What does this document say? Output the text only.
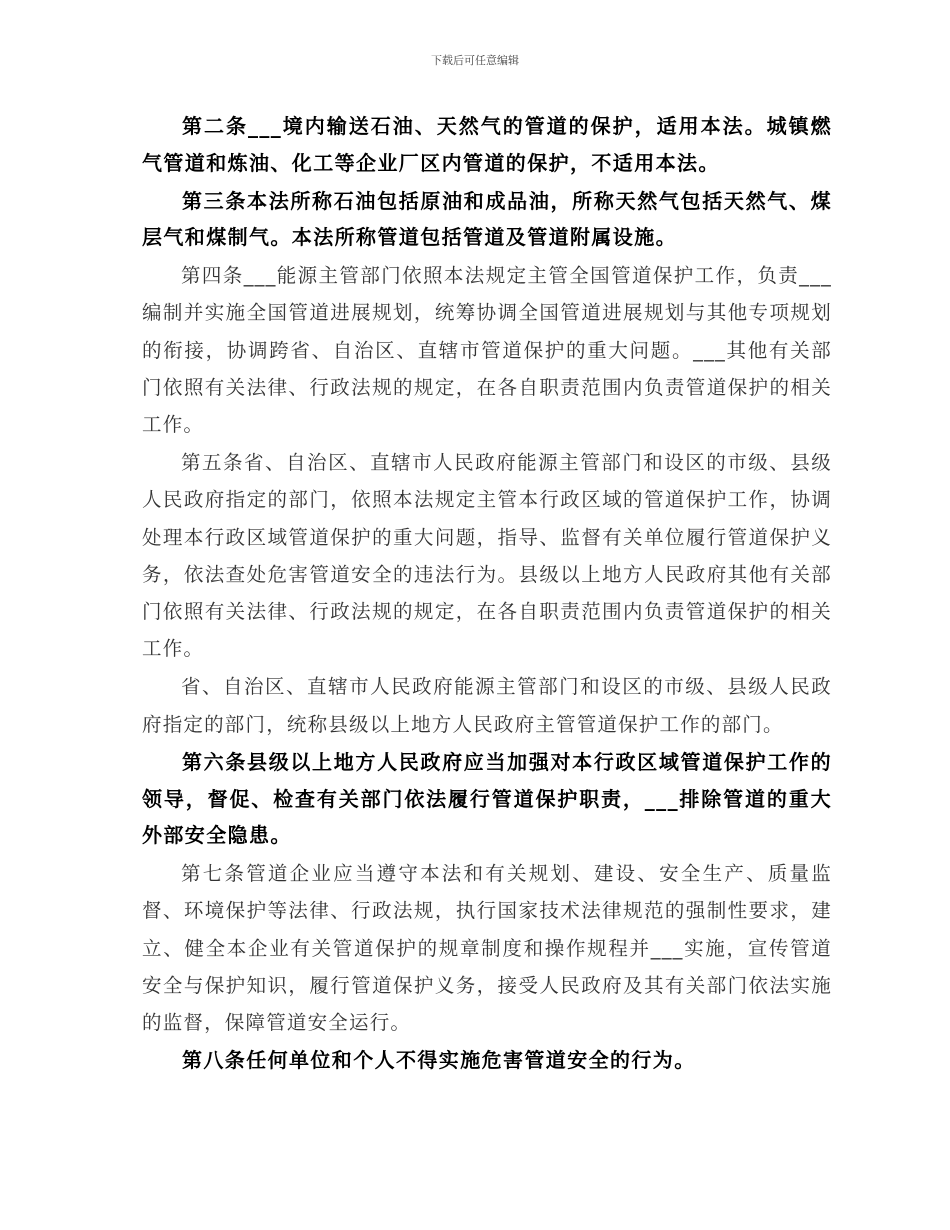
下载后可任意编辑

第二条___境内输送石油、天然气的管道的保护，适用本法。城镇燃气管道和炼油、化工等企业厂区内管道的保护，不适用本法。

第三条本法所称石油包括原油和成品油，所称天然气包括天然气、煤层气和煤制气。本法所称管道包括管道及管道附属设施。

第四条___能源主管部门依照本法规定主管全国管道保护工作，负责___编制并实施全国管道进展规划，统筹协调全国管道进展规划与其他专项规划的衔接，协调跨省、自治区、直辖市管道保护的重大问题。___其他有关部门依照有关法律、行政法规的规定，在各自职责范围内负责管道保护的相关工作。

第五条省、自治区、直辖市人民政府能源主管部门和设区的市级、县级人民政府指定的部门，依照本法规定主管本行政区域的管道保护工作，协调处理本行政区域管道保护的重大问题，指导、监督有关单位履行管道保护义务，依法查处危害管道安全的违法行为。县级以上地方人民政府其他有关部门依照有关法律、行政法规的规定，在各自职责范围内负责管道保护的相关工作。

省、自治区、直辖市人民政府能源主管部门和设区的市级、县级人民政府指定的部门，统称县级以上地方人民政府主管管道保护工作的部门。

第六条县级以上地方人民政府应当加强对本行政区域管道保护工作的领导，督促、检查有关部门依法履行管道保护职责，___排除管道的重大外部安全隐患。

第七条管道企业应当遵守本法和有关规划、建设、安全生产、质量监督、环境保护等法律、行政法规，执行国家技术法律规范的强制性要求，建立、健全本企业有关管道保护的规章制度和操作规程并___实施，宣传管道安全与保护知识，履行管道保护义务，接受人民政府及其有关部门依法实施的监督，保障管道安全运行。

第八条任何单位和个人不得实施危害管道安全的行为。
